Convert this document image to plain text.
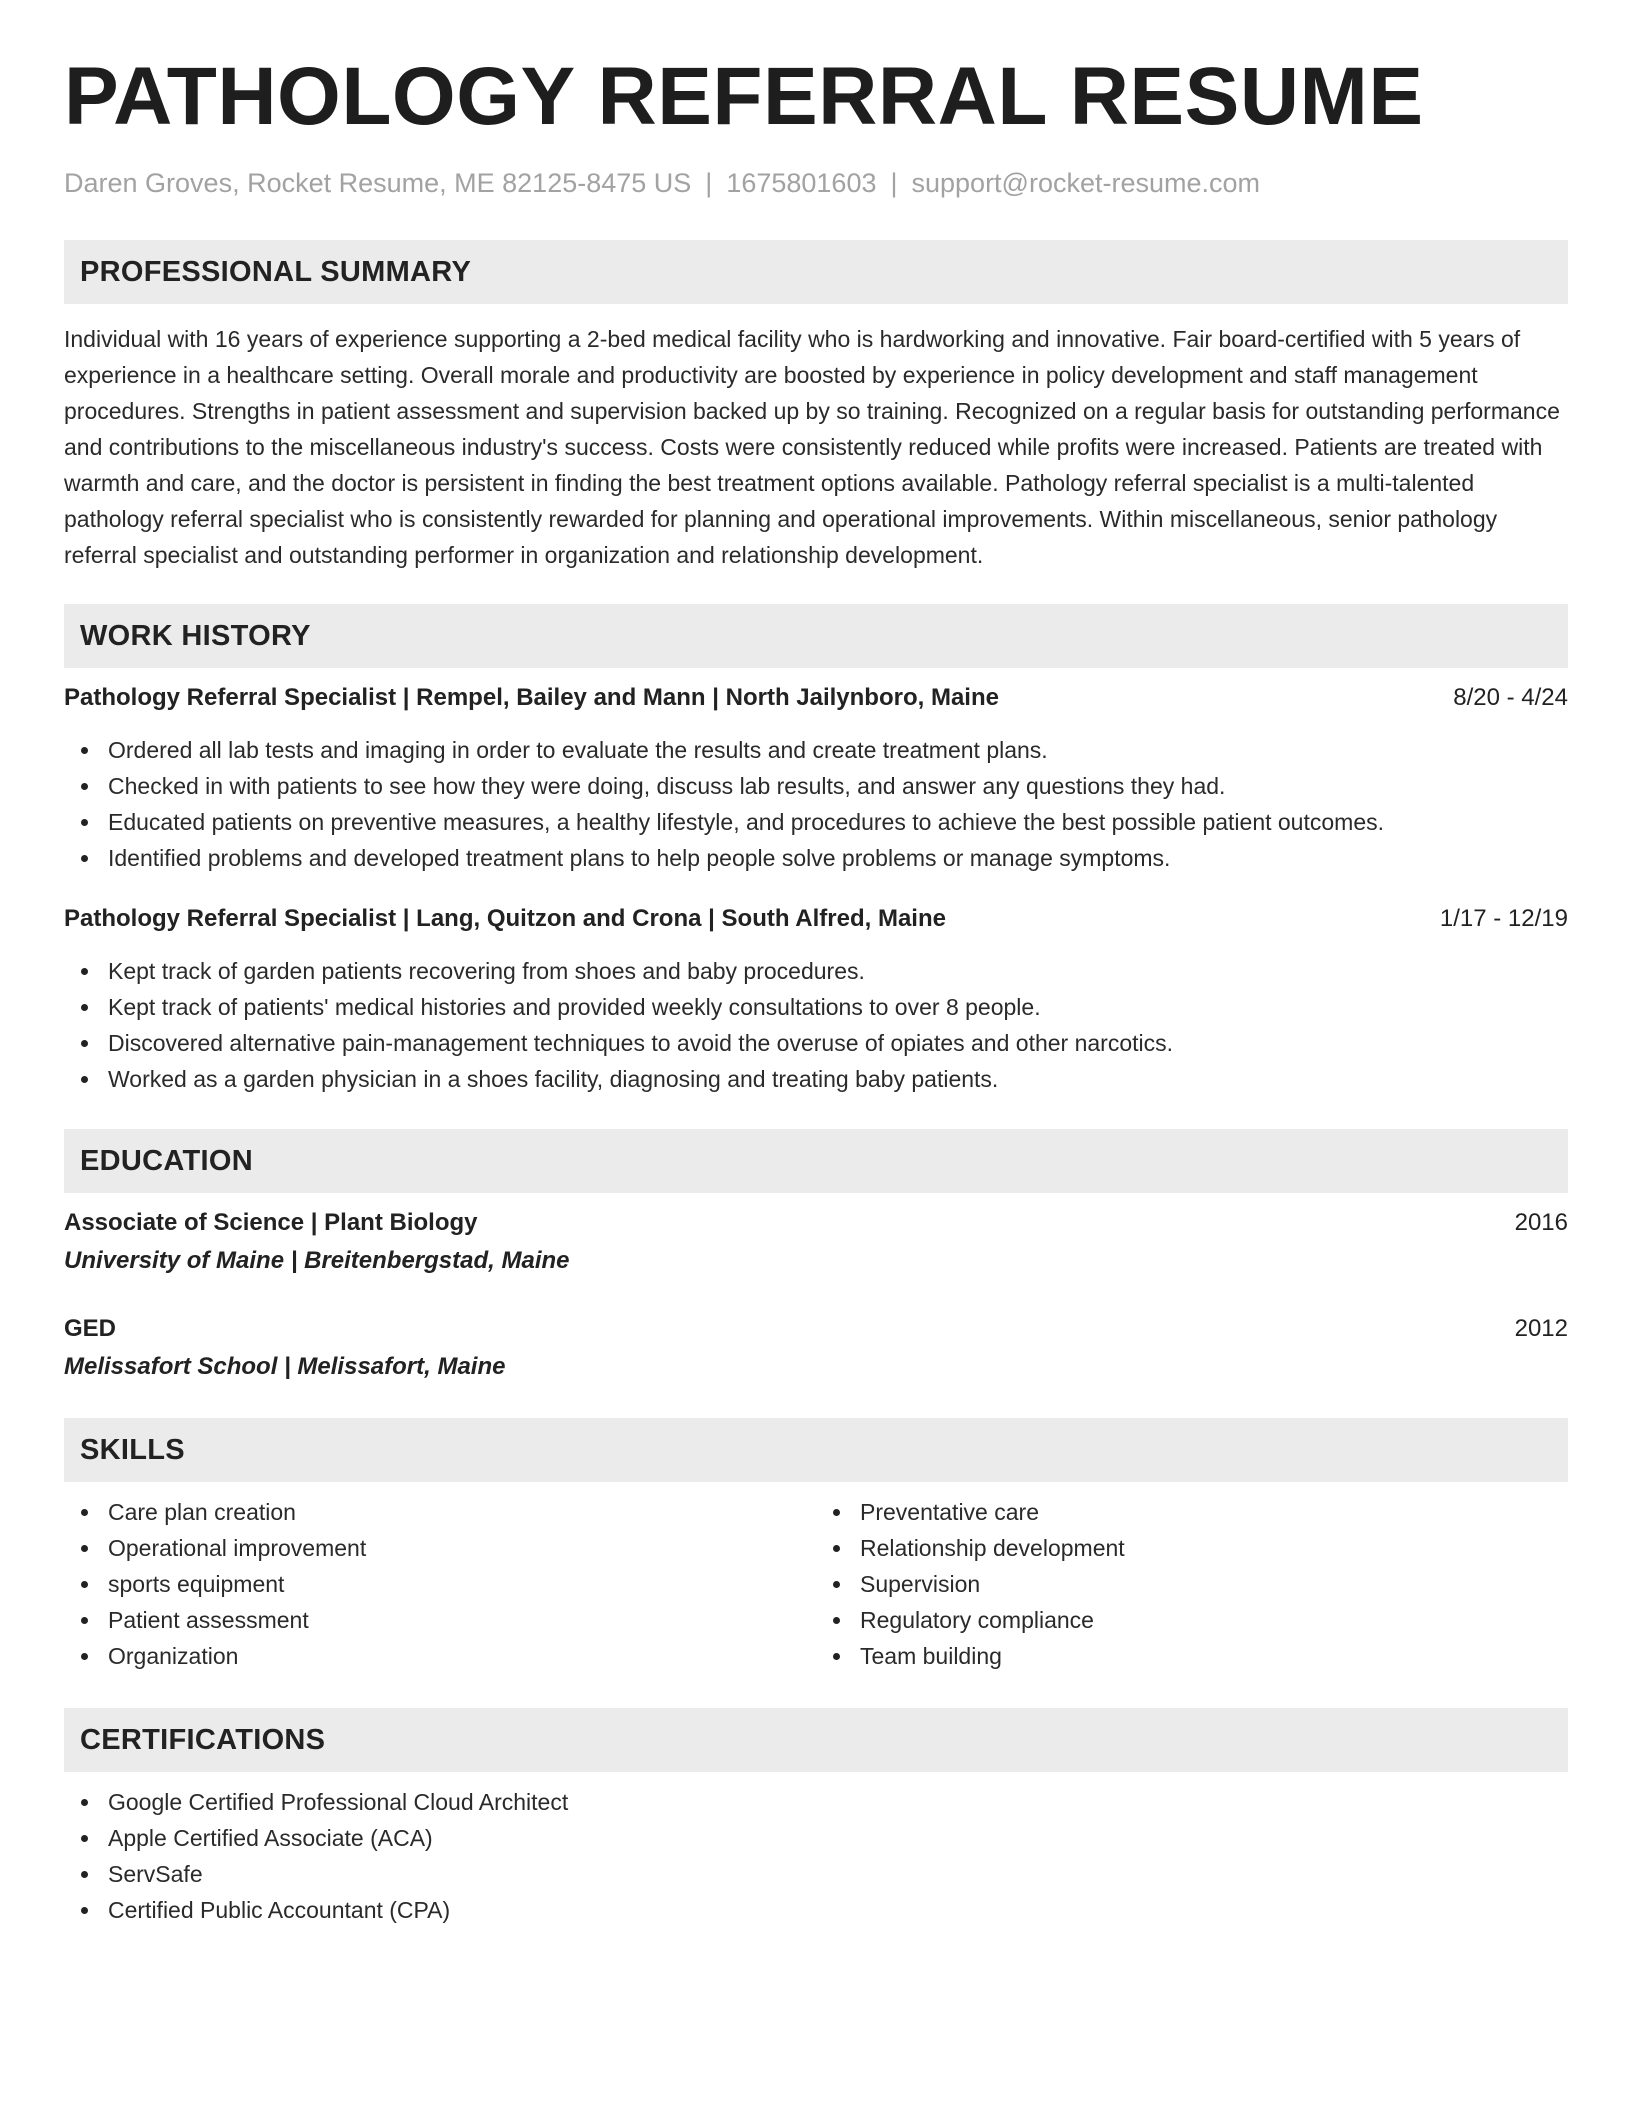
PATHOLOGY REFERRAL RESUME
Daren Groves, Rocket Resume, ME 82125-8475 US | 1675801603 | support@rocket-resume.com
PROFESSIONAL SUMMARY

Individual with 16 years of experience supporting a 2-bed medical facility who is hardworking and innovative. Fair board-certified with 5 years of experience in a healthcare setting. Overall morale and productivity are boosted by experience in policy development and staff management procedures. Strengths in patient assessment and supervision backed up by so training. Recognized on a regular basis for outstanding performance and contributions to the miscellaneous industry's success. Costs were consistently reduced while profits were increased. Patients are treated with warmth and care, and the doctor is persistent in finding the best treatment options available. Pathology referral specialist is a multi-talented pathology referral specialist who is consistently rewarded for planning and operational improvements. Within miscellaneous, senior pathology referral specialist and outstanding performer in organization and relationship development.

WORK HISTORY
Pathology Referral Specialist | Rempel, Bailey and Mann | North Jailynboro, Maine	8/20 - 4/24
Ordered all lab tests and imaging in order to evaluate the results and create treatment plans.
Checked in with patients to see how they were doing, discuss lab results, and answer any questions they had.
Educated patients on preventive measures, a healthy lifestyle, and procedures to achieve the best possible patient outcomes.
Identified problems and developed treatment plans to help people solve problems or manage symptoms.
Pathology Referral Specialist | Lang, Quitzon and Crona | South Alfred, Maine	1/17 - 12/19
Kept track of garden patients recovering from shoes and baby procedures.
Kept track of patients' medical histories and provided weekly consultations to over 8 people.
Discovered alternative pain-management techniques to avoid the overuse of opiates and other narcotics.
Worked as a garden physician in a shoes facility, diagnosing and treating baby patients.
EDUCATION
Associate of Science | Plant Biology	2016
University of Maine | Breitenbergstad, Maine
GED	2012
Melissafort School | Melissafort, Maine
SKILLS
Care plan creation
Operational improvement
sports equipment
Patient assessment
Organization
Preventative care
Relationship development
Supervision
Regulatory compliance
Team building
CERTIFICATIONS
Google Certified Professional Cloud Architect
Apple Certified Associate (ACA)
ServSafe
Certified Public Accountant (CPA)
